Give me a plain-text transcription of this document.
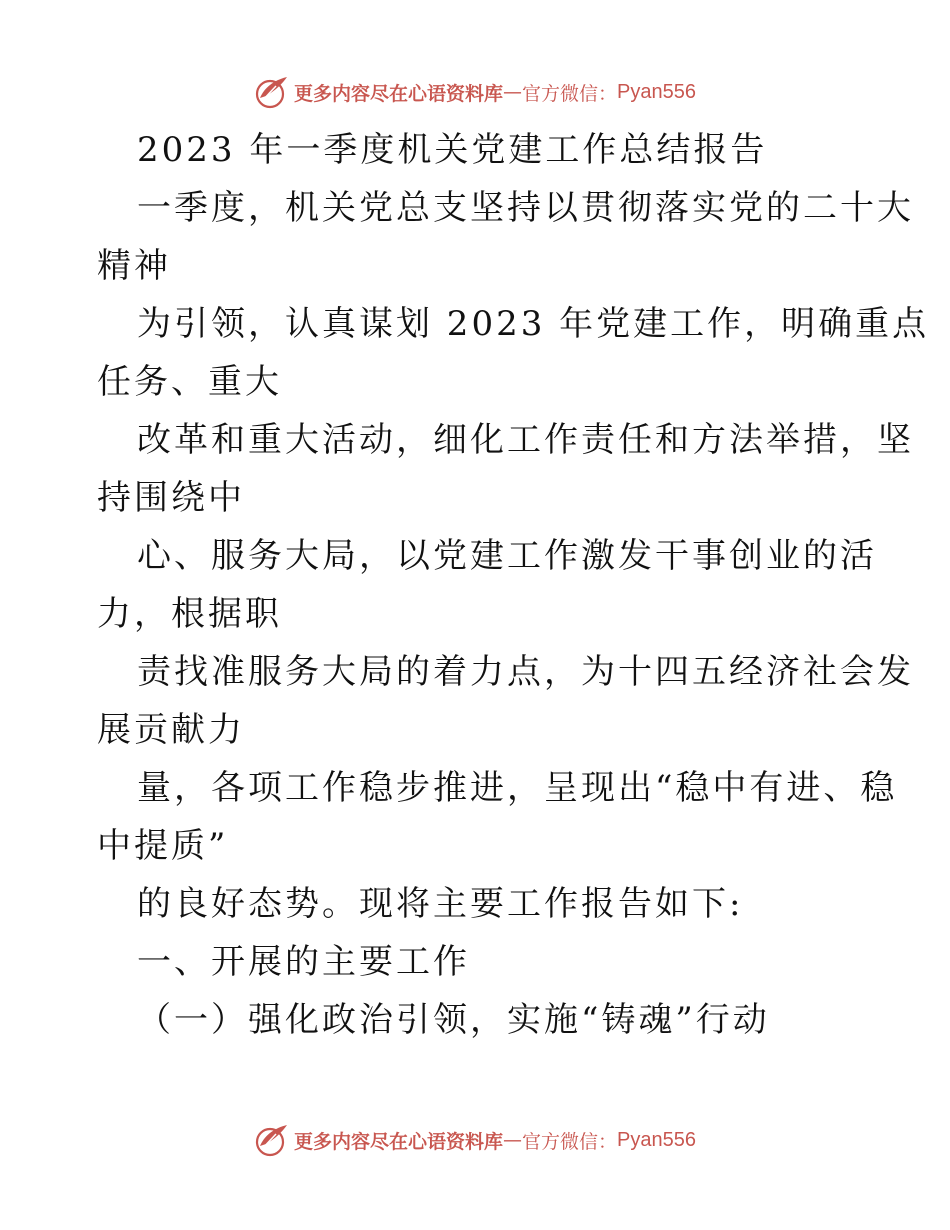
更多内容尽在心语资料库 — 官方微信： Pyan556
2023 年一季度机关党建工作总结报告
一季度，机关党总支坚持以贯彻落实党的二十大
精神
为引领，认真谋划 2023 年党建工作，明确重点
任务、重大
改革和重大活动，细化工作责任和方法举措，坚
持围绕中
心、服务大局，以党建工作激发干事创业的活
力，根据职
责找准服务大局的着力点，为十四五经济社会发
展贡献力
量，各项工作稳步推进，呈现出“稳中有进、稳
中提质”
的良好态势。现将主要工作报告如下:
一、开展的主要工作
（一）强化政治引领，实施“铸魂”行动
更多内容尽在心语资料库 — 官方微信： Pyan556
